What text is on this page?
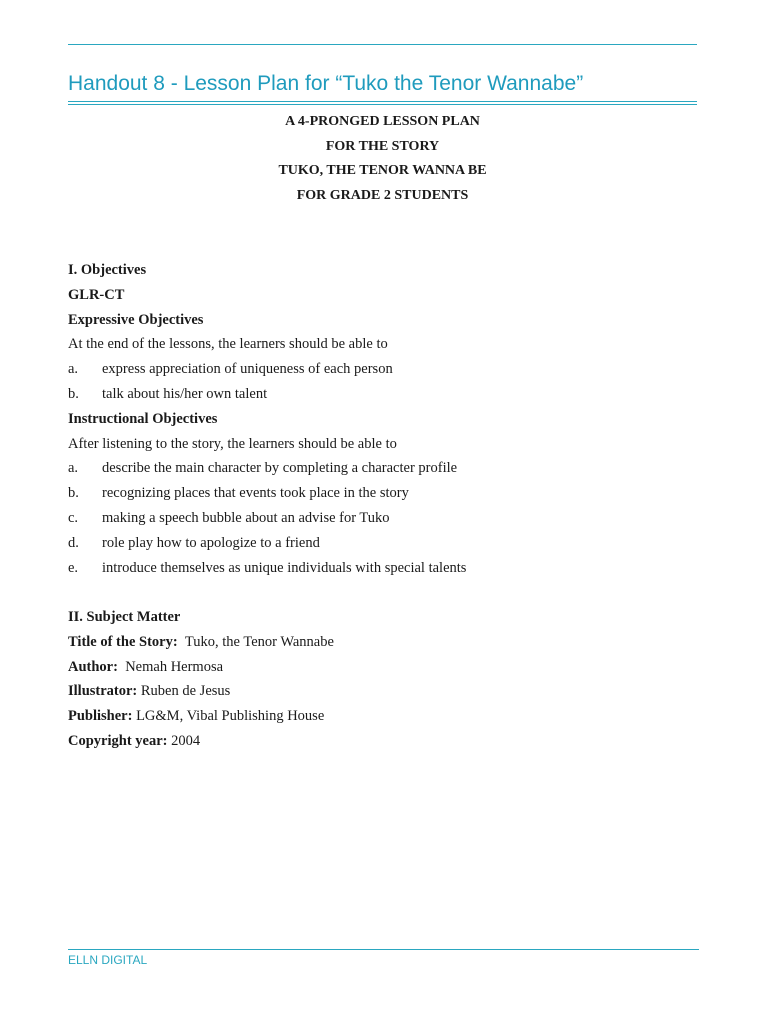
Handout 8 - Lesson Plan for “Tuko the Tenor Wannabe”
A 4-PRONGED LESSON PLAN
FOR THE STORY
TUKO, THE TENOR WANNA BE
FOR GRADE 2 STUDENTS
I. Objectives
GLR-CT
Expressive Objectives
At the end of the lessons, the learners should be able to
a. express appreciation of uniqueness of each person
b. talk about his/her own talent
Instructional Objectives
After listening to the story, the learners should be able to
a. describe the main character by completing a character profile
b. recognizing places that events took place in the story
c. making a speech bubble about an advise for Tuko
d. role play how to apologize to a friend
e. introduce themselves as unique individuals with special talents
II. Subject Matter
Title of the Story: Tuko, the Tenor Wannabe
Author: Nemah Hermosa
Illustrator: Ruben de Jesus
Publisher: LG&M, Vibal Publishing House
Copyright year: 2004
ELLN DIGITAL
